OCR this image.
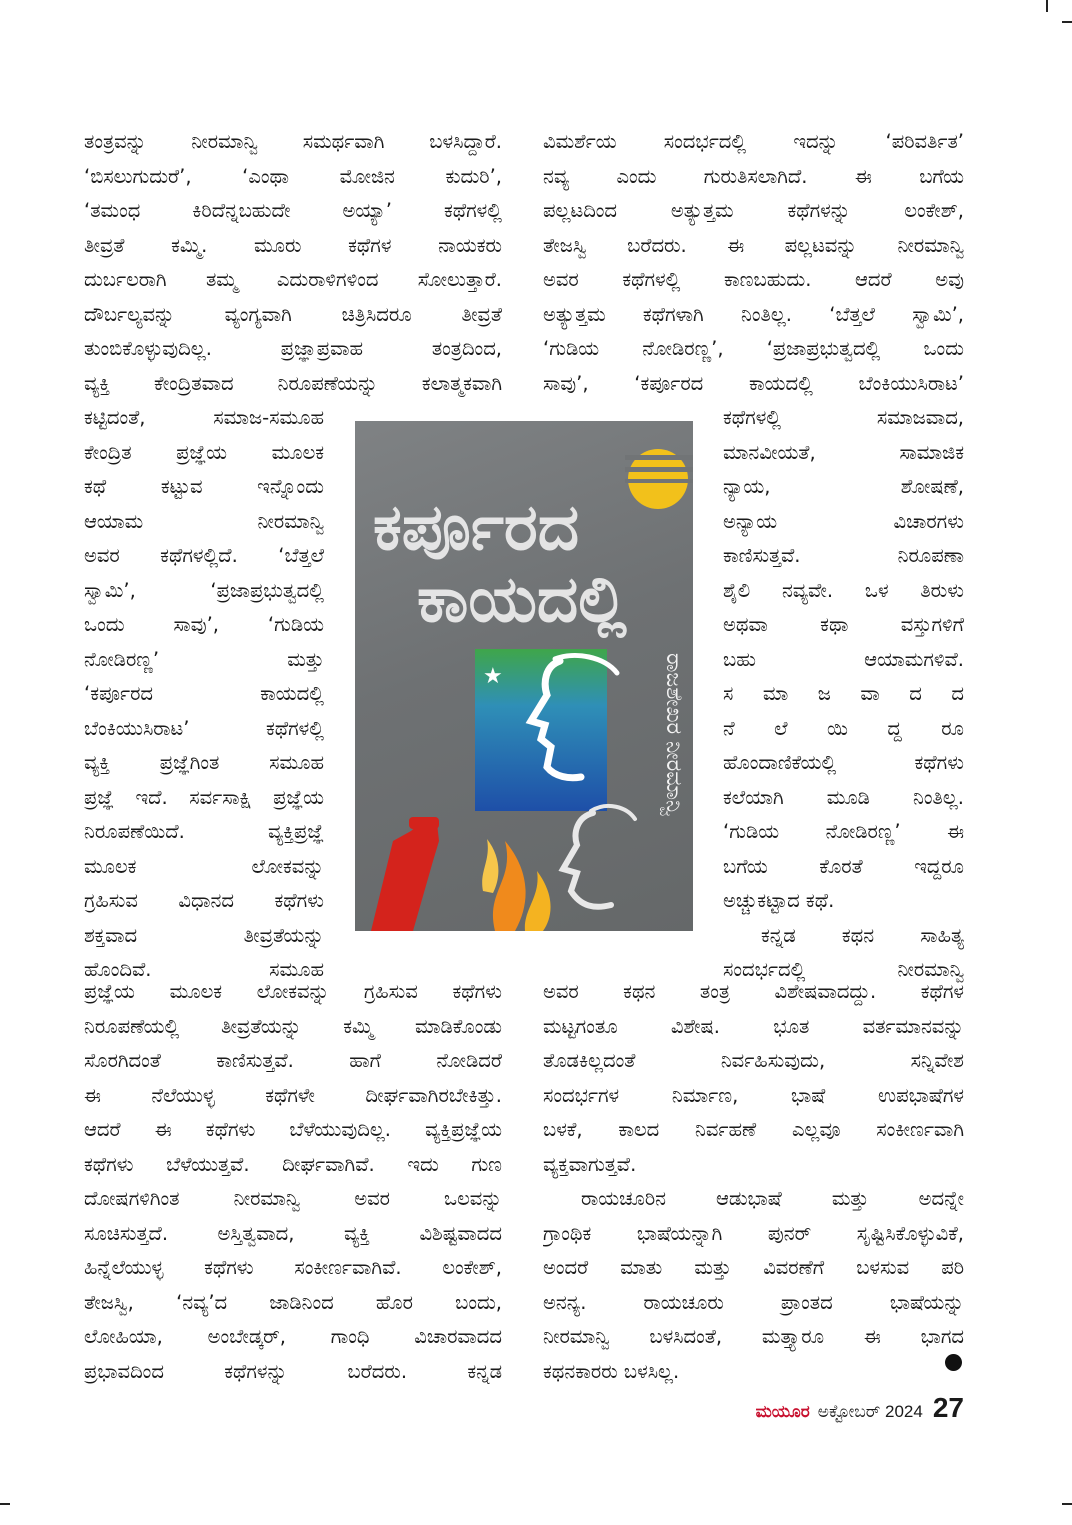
ತಂತ್ರವನ್ನು ನೀರಮಾನ್ವಿ ಸಮರ್ಥವಾಗಿ ಬಳಸಿದ್ದಾರೆ.
‘ಬಿಸಲುಗುದುರೆ’, ‘ಎಂಥಾ ಮೋಜಿನ ಕುದುರಿ’,
‘ತಮಂಧ ಕಿರಿದೆನ್ನಬಹುದೇ ಅಯ್ಯಾ’ ಕಥೆಗಳಲ್ಲಿ
ತೀವ್ರತೆ ಕಮ್ಮಿ. ಮೂರು ಕಥೆಗಳ ನಾಯಕರು
ದುರ್ಬಲರಾಗಿ ತಮ್ಮ ಎದುರಾಳಿಗಳಿಂದ ಸೋಲುತ್ತಾರೆ.
ದೌರ್ಬಲ್ಯವನ್ನು ವ್ಯಂಗ್ಯವಾಗಿ ಚಿತ್ರಿಸಿದರೂ ತೀವ್ರತೆ
ತುಂಬಿಕೊಳ್ಳುವುದಿಲ್ಲ. ಪ್ರಜ್ಞಾಪ್ರವಾಹ ತಂತ್ರದಿಂದ,
ವ್ಯಕ್ತಿ ಕೇಂದ್ರಿತವಾದ ನಿರೂಪಣೆಯನ್ನು ಕಲಾತ್ಮಕವಾಗಿ
ಕಟ್ಟಿದಂತೆ, ಸಮಾಜ-ಸಮೂಹ
ಕೇಂದ್ರಿತ ಪ್ರಜ್ಞೆಯ ಮೂಲಕ
ಕಥೆ ಕಟ್ಟುವ ಇನ್ನೊಂದು
ಆಯಾಮ ನೀರಮಾನ್ವಿ
ಅವರ ಕಥೆಗಳಲ್ಲಿದೆ. ‘ಬೆತ್ತಲೆ
ಸ್ವಾಮಿ’, ‘ಪ್ರಜಾಪ್ರಭುತ್ವದಲ್ಲಿ
ಒಂದು ಸಾವು’, ‘ಗುಡಿಯ
ನೋಡಿರಣ್ಣ’ ಮತ್ತು
‘ಕರ್ಪೂರದ ಕಾಯದಲ್ಲಿ
ಬೆಂಕಿಯುಸಿರಾಟ’ ಕಥೆಗಳಲ್ಲಿ
ವ್ಯಕ್ತಿ ಪ್ರಜ್ಞೆಗಿಂತ ಸಮೂಹ
ಪ್ರಜ್ಞೆ ಇದೆ. ಸರ್ವಸಾಕ್ಷಿ ಪ್ರಜ್ಞೆಯ
ನಿರೂಪಣೆಯಿದೆ. ವ್ಯಕ್ತಿಪ್ರಜ್ಞೆ
ಮೂಲಕ ಲೋಕವನ್ನು
ಗ್ರಹಿಸುವ ವಿಧಾನದ ಕಥೆಗಳು
ಶಕ್ತವಾದ ತೀವ್ರತೆಯನ್ನು
ಹೊಂದಿವೆ. ಸಮೂಹ
ಪ್ರಜ್ಞೆಯ ಮೂಲಕ ಲೋಕವನ್ನು ಗ್ರಹಿಸುವ ಕಥೆಗಳು
ನಿರೂಪಣೆಯಲ್ಲಿ ತೀವ್ರತೆಯನ್ನು ಕಮ್ಮಿ ಮಾಡಿಕೊಂಡು
ಸೊರಗಿದಂತೆ ಕಾಣಿಸುತ್ತವೆ. ಹಾಗೆ ನೋಡಿದರೆ
ಈ ನೆಲೆಯುಳ್ಳ ಕಥೆಗಳೇ ದೀರ್ಘವಾಗಿರಬೇಕಿತ್ತು.
ಆದರೆ ಈ ಕಥೆಗಳು ಬೆಳೆಯುವುದಿಲ್ಲ. ವ್ಯಕ್ತಿಪ್ರಜ್ಞೆಯ
ಕಥೆಗಳು ಬೆಳೆಯುತ್ತವೆ. ದೀರ್ಘವಾಗಿವೆ. ಇದು ಗುಣ
ದೋಷಗಳಿಗಿಂತ ನೀರಮಾನ್ವಿ ಅವರ ಒಲವನ್ನು
ಸೂಚಿಸುತ್ತದೆ. ಅಸ್ತಿತ್ವವಾದ, ವ್ಯಕ್ತಿ ವಿಶಿಷ್ಟವಾದದ
ಹಿನ್ನೆಲೆಯುಳ್ಳ ಕಥೆಗಳು ಸಂಕೀರ್ಣವಾಗಿವೆ. ಲಂಕೇಶ್,
ತೇಜಸ್ವಿ, ‘ನವ್ಯ’ದ ಜಾಡಿನಿಂದ ಹೊರ ಬಂದು,
ಲೋಹಿಯಾ, ಅಂಬೇಡ್ಕರ್, ಗಾಂಧಿ ವಿಚಾರವಾದದ
ಪ್ರಭಾವದಿಂದ ಕಥೆಗಳನ್ನು ಬರೆದರು. ಕನ್ನಡ
ಕರ್ಪೂರದ
ಕಾಯದಲ್ಲಿ
★	ರಾಜಶೇಖರ ನೀರಮಾನ್ವಿ
ವಿಮರ್ಶೆಯ ಸಂದರ್ಭದಲ್ಲಿ ಇದನ್ನು ‘ಪರಿವರ್ತಿತ’
ನವ್ಯ ಎಂದು ಗುರುತಿಸಲಾಗಿದೆ. ಈ ಬಗೆಯ
ಪಲ್ಲಟದಿಂದ ಅತ್ಯುತ್ತಮ ಕಥೆಗಳನ್ನು ಲಂಕೇಶ್,
ತೇಜಸ್ವಿ ಬರೆದರು. ಈ ಪಲ್ಲಟವನ್ನು ನೀರಮಾನ್ವಿ
ಅವರ ಕಥೆಗಳಲ್ಲಿ ಕಾಣಬಹುದು. ಆದರೆ ಅವು
ಅತ್ಯುತ್ತಮ ಕಥೆಗಳಾಗಿ ನಿಂತಿಲ್ಲ. ‘ಬೆತ್ತಲೆ ಸ್ವಾಮಿ’,
‘ಗುಡಿಯ ನೋಡಿರಣ್ಣ’, ‘ಪ್ರಜಾಪ್ರಭುತ್ವದಲ್ಲಿ ಒಂದು
ಸಾವು’, ‘ಕರ್ಪೂರದ ಕಾಯದಲ್ಲಿ ಬೆಂಕಿಯುಸಿರಾಟ’
ಕಥೆಗಳಲ್ಲಿ ಸಮಾಜವಾದ,
ಮಾನವೀಯತೆ, ಸಾಮಾಜಿಕ
ನ್ಯಾಯ, ಶೋಷಣೆ,
ಅನ್ಯಾಯ ವಿಚಾರಗಳು
ಕಾಣಿಸುತ್ತವೆ. ನಿರೂಪಣಾ
ಶೈಲಿ ನವ್ಯವೇ. ಒಳ ತಿರುಳು
ಅಥವಾ ಕಥಾ ವಸ್ತುಗಳಿಗೆ
ಬಹು ಆಯಾಮಗಳಿವೆ.
ಸ ಮಾ ಜ ವಾ ದ ದ
ನೆ ಲೆ ಯಿ ದ್ದ ರೂ
ಹೊಂದಾಣಿಕೆಯಲ್ಲಿ ಕಥೆಗಳು
ಕಲೆಯಾಗಿ ಮೂಡಿ ನಿಂತಿಲ್ಲ.
‘ಗುಡಿಯ ನೋಡಿರಣ್ಣ’ ಈ
ಬಗೆಯ ಕೊರತೆ ಇದ್ದರೂ
ಅಚ್ಚುಕಟ್ಟಾದ ಕಥೆ.
ಕನ್ನಡ ಕಥನ ಸಾಹಿತ್ಯ
ಸಂದರ್ಭದಲ್ಲಿ ನೀರಮಾನ್ವಿ
ಅವರ ಕಥನ ತಂತ್ರ ವಿಶೇಷವಾದದ್ದು. ಕಥೆಗಳ
ಮಟ್ಟಗಂತೂ ವಿಶೇಷ. ಭೂತ ವರ್ತಮಾನವನ್ನು
ತೊಡಕಿಲ್ಲದಂತೆ ನಿರ್ವಹಿಸುವುದು, ಸನ್ನಿವೇಶ
ಸಂದರ್ಭಗಳ ನಿರ್ಮಾಣ, ಭಾಷೆ ಉಪಭಾಷೆಗಳ
ಬಳಕೆ, ಕಾಲದ ನಿರ್ವಹಣೆ ಎಲ್ಲವೂ ಸಂಕೀರ್ಣವಾಗಿ
ವ್ಯಕ್ತವಾಗುತ್ತವೆ.
ರಾಯಚೂರಿನ ಆಡುಭಾಷೆ ಮತ್ತು ಅದನ್ನೇ
ಗ್ರಾಂಥಿಕ ಭಾಷೆಯನ್ನಾಗಿ ಪುನರ್ ಸೃಷ್ಟಿಸಿಕೊಳ್ಳುವಿಕೆ,
ಅಂದರೆ ಮಾತು ಮತ್ತು ವಿವರಣೆಗೆ ಬಳಸುವ ಪರಿ
ಅನನ್ಯ. ರಾಯಚೂರು ಪ್ರಾಂತದ ಭಾಷೆಯನ್ನು
ನೀರಮಾನ್ವಿ ಬಳಸಿದಂತೆ, ಮತ್ತ್ಯಾರೂ ಈ ಭಾಗದ
ಕಥನಕಾರರು ಬಳಸಿಲ್ಲ.
ಮಯೂರ ಅಕ್ಟೋಬರ್ 2024 27
